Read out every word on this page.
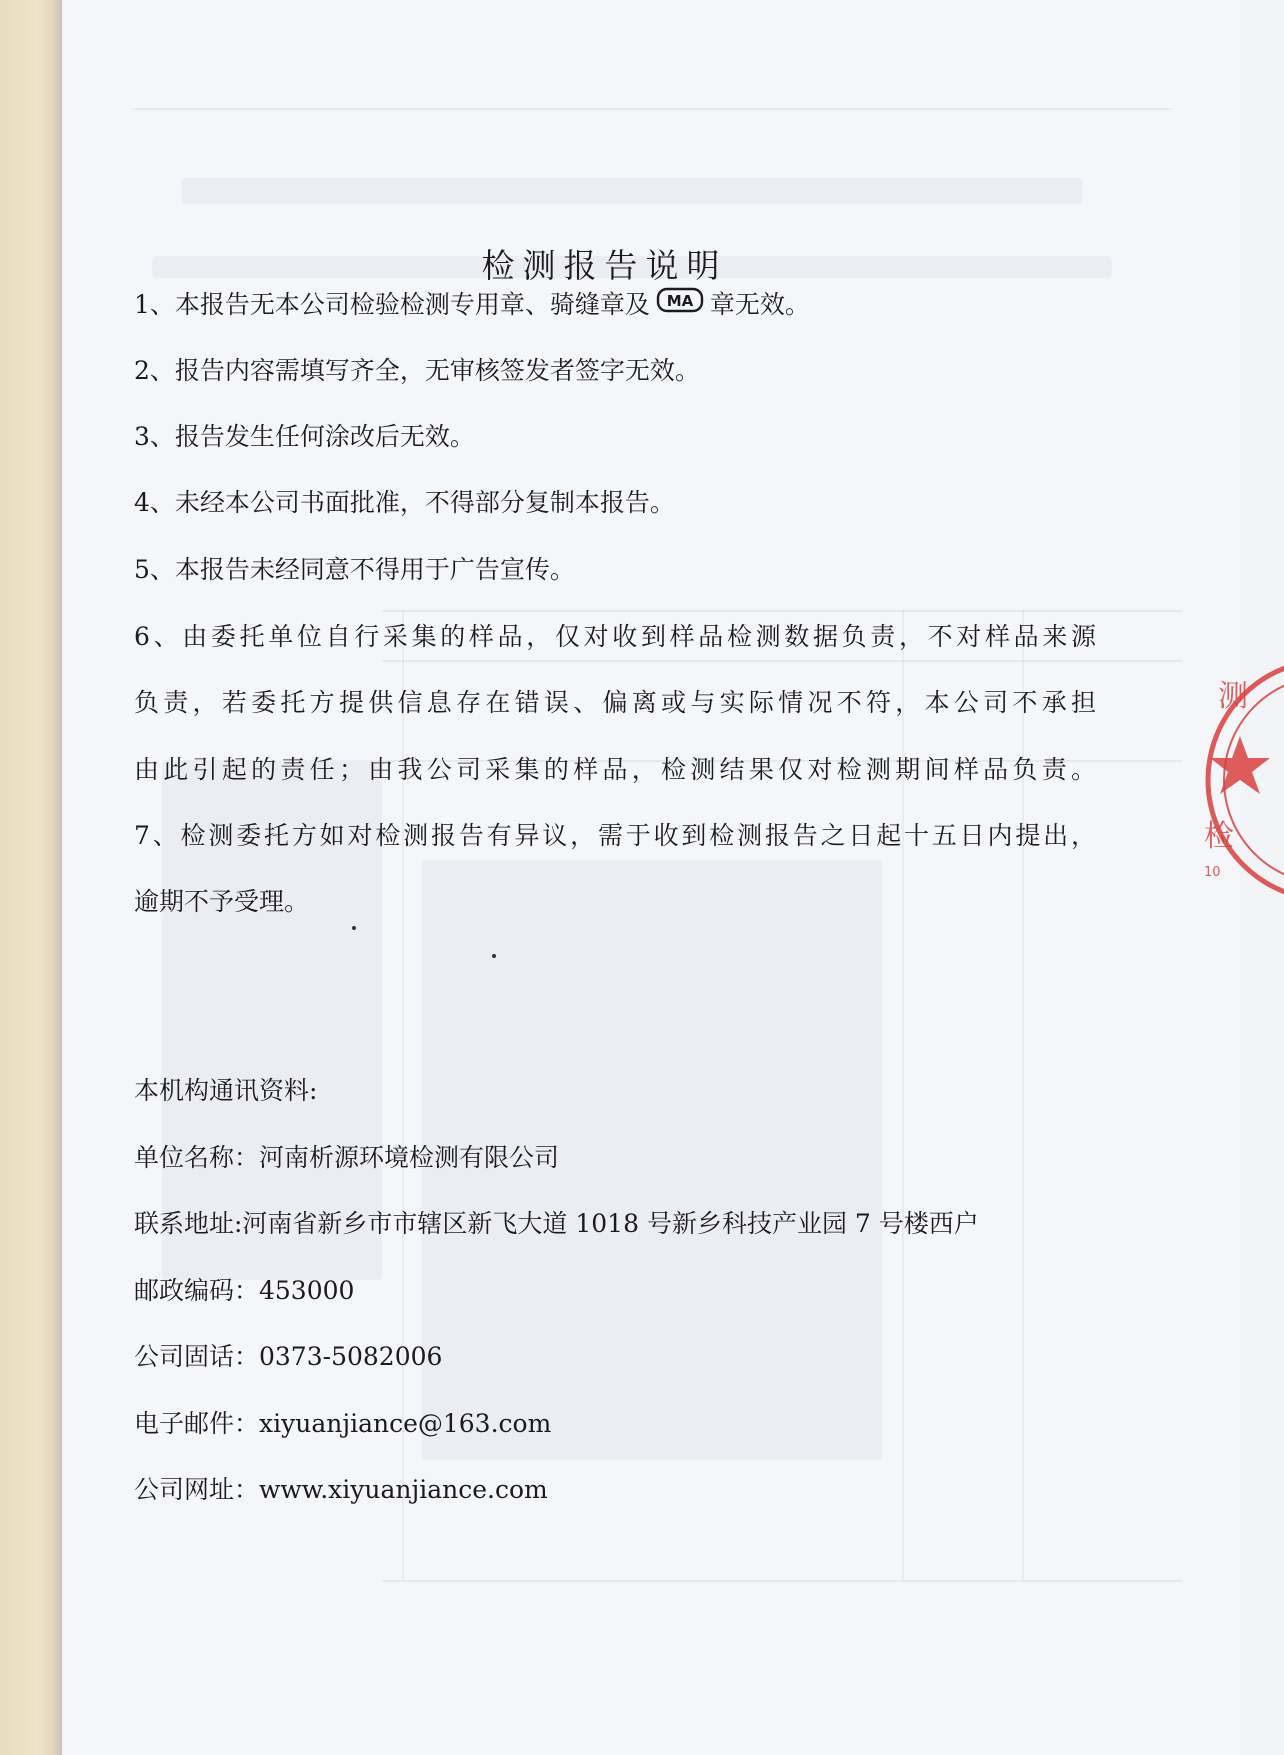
检测报告说明
1、本报告无本公司检验检测专用章、骑缝章及 MA 章无效。
2、报告内容需填写齐全，无审核签发者签字无效。
3、报告发生任何涂改后无效。
4、未经本公司书面批准，不得部分复制本报告。
5、本报告未经同意不得用于广告宣传。
6、由委托单位自行采集的样品，仅对收到样品检测数据负责，不对样品来源
负责，若委托方提供信息存在错误、偏离或与实际情况不符，本公司不承担
由此引起的责任；由我公司采集的样品，检测结果仅对检测期间样品负责。
7、检测委托方如对检测报告有异议，需于收到检测报告之日起十五日内提出，
逾期不予受理。
本机构通讯资料:
单位名称：河南析源环境检测有限公司
联系地址:河南省新乡市市辖区新飞大道 1018 号新乡科技产业园 7 号楼西户
邮政编码：453000
公司固话：0373-5082006
电子邮件：xiyuanjiance@163.com
公司网址：www.xiyuanjiance.com
测
检
10
